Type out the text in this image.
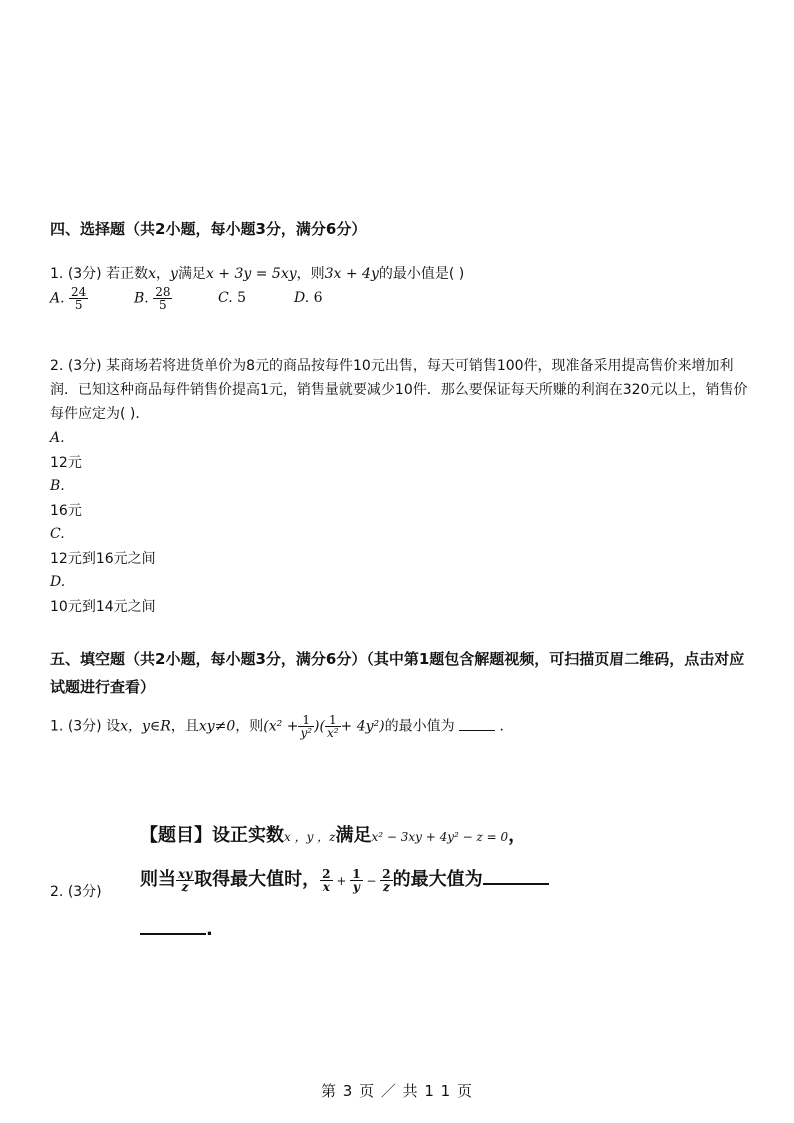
四、选择题（共2小题，每小题3分，满分6分）
1. (3分) 若正数x，y满足x + 3y = 5xy，则3x + 4y的最小值是( )
A. $\frac{24}{5}$	B. $\frac{28}{5}$	C. 5	D. 6
2. (3分) 某商场若将进货单价为8元的商品按每件10元出售，每天可销售100件，现准备采用提高售价来增加利润．已知这种商品每件销售价提高1元，销售量就要减少10件．那么要保证每天所赚的利润在320元以上，销售价每件应定为( )．
A.
12元
B.
16元
C.
12元到16元之间
D.
10元到14元之间
五、填空题（共2小题，每小题3分，满分6分）（其中第1题包含解题视频，可扫描页眉二维码，点击对应试题进行查看）
1. (3分) 设x，y∈R，且xy≠0，则($x^2 + \frac{1}{\text{y²}}$ )( $\frac{1}{\text{x²}} + 4y^2$)的最小值为	．
2. (3分)
【题目】设正实数x ，y ，z满足x² − 3xy + 4y² − z = 0，
则当 $\frac{xy}{z}$ 取得最大值时， $\frac{2}{x} + \frac{1}{y} - \frac{2}{z}$ 的最大值为
.
第 3 页 ／ 共 1 1 页
